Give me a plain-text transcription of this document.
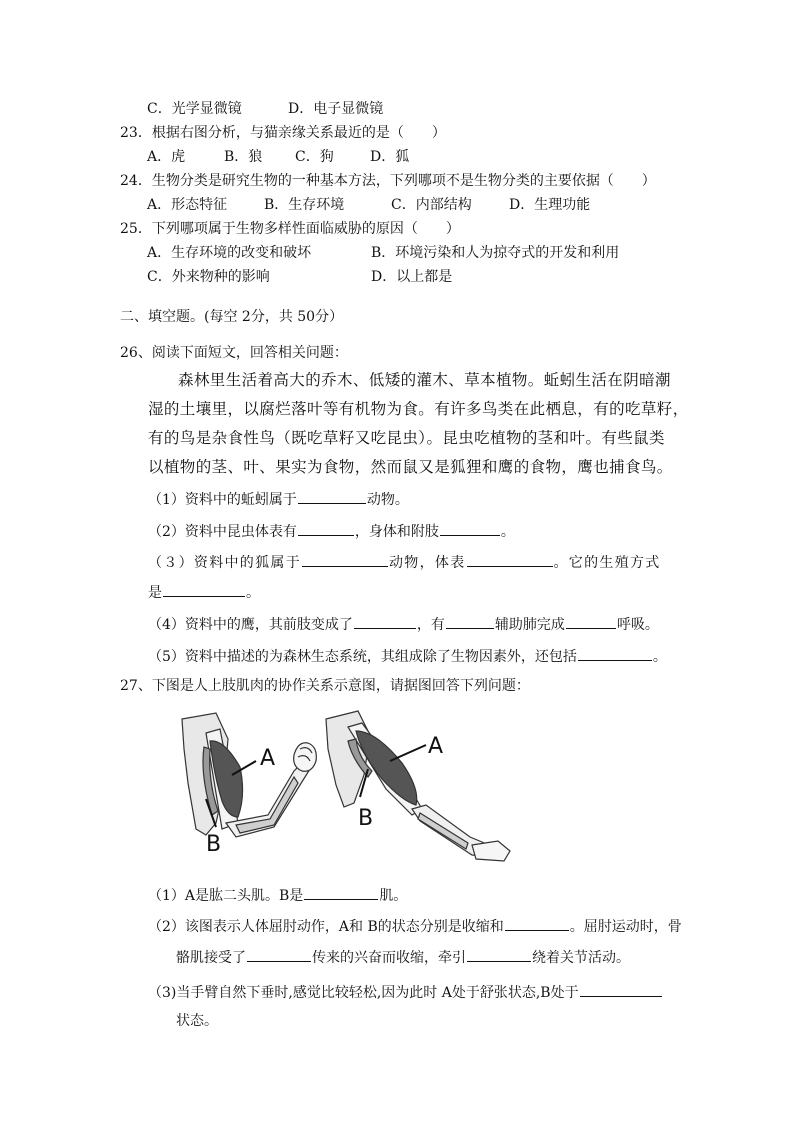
C．光学显微镜	D．电子显微镜
23．根据右图分析，与猫亲缘关系最近的是（　　）
A．虎	B．狼 C．狗	D．狐
24．生物分类是研究生物的一种基本方法，下列哪项不是生物分类的主要依据（　　）
A．形态特征	B．生存环境	C．内部结构	D．生理功能
25．下列哪项属于生物多样性面临威胁的原因（　　）
A．生存环境的改变和破坏	B．环境污染和人为掠夺式的开发和利用
C．外来物种的影响	D．以上都是
二、填空题。(每空 2分，共 50分）
26、阅读下面短文，回答相关问题：
森林里生活着高大的乔木、低矮的灌木、草本植物。蚯蚓生活在阴暗潮
湿的土壤里，以腐烂落叶等有机物为食。有许多鸟类在此栖息，有的吃草籽，
有的鸟是杂食性鸟（既吃草籽又吃昆虫）。昆虫吃植物的茎和叶。有些鼠类
以植物的茎、叶、果实为食物，然而鼠又是狐狸和鹰的食物，鹰也捕食鸟。
（1）资料中的蚯蚓属于	动物。
（2）资料中昆虫体表有	，身体和附肢	。
（３）资料中的狐属于	动物，体表	。它的生殖方式
是	。
（4）资料中的鹰，其前肢变成了	，有	辅助肺完成	呼吸。
（5）资料中描述的为森林生态系统，其组成除了生物因素外，还包括	。
27、下图是人上肢肌肉的协作关系示意图，请据图回答下列问题：
A
B
A
B
（1）A是肱二头肌。B是	肌。
（2）该图表示人体屈肘动作，A和 B的状态分别是收缩和	。屈肘运动时，骨
骼肌接受了	传来的兴奋而收缩，牵引	绕着关节活动。
（3)当手臂自然下垂时,感觉比较轻松,因为此时 A处于舒张状态,B处于
状态。
